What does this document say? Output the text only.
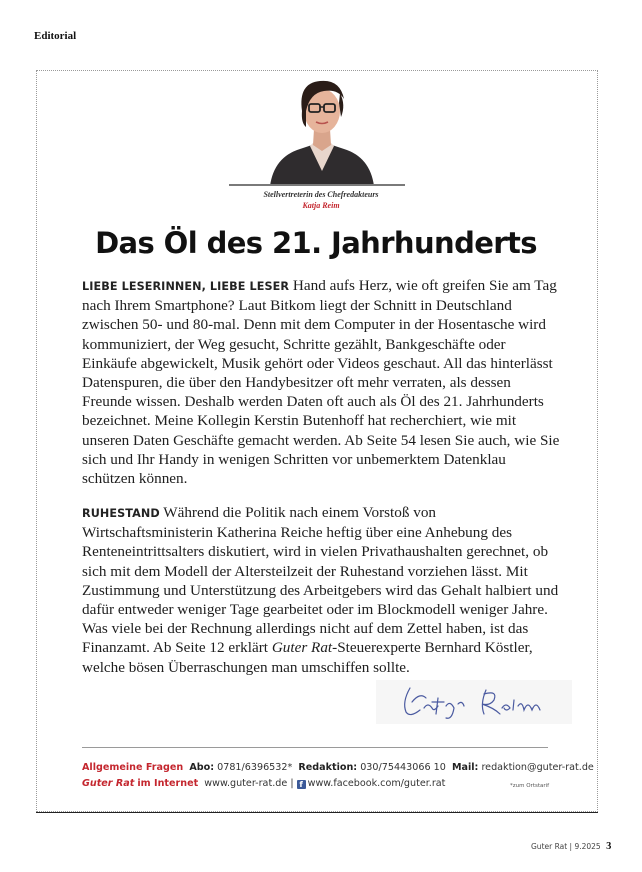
Editorial
Stellvertreterin des Chefredakteurs
Katja Reim
Das Öl des 21. Jahrhunderts

LIEBE LESERINNEN, LIEBE LESER Hand aufs Herz, wie oft greifen Sie am Tag nach Ihrem Smartphone? Laut Bitkom liegt der Schnitt in Deutschland zwischen 50- und 80-mal. Denn mit dem Computer in der Hosentasche wird kommuniziert, der Weg gesucht, Schritte gezählt, Bankgeschäfte oder Einkäufe abgewickelt, Musik gehört oder Videos geschaut. All das hinterlässt Datenspuren, die über den Handybesitzer oft mehr verraten, als dessen Freunde wissen. Deshalb werden Daten oft auch als Öl des 21. Jahrhunderts bezeichnet. Meine Kollegin Kerstin Butenhoff hat recherchiert, wie mit unseren Daten Geschäfte gemacht werden. Ab Seite 54 lesen Sie auch, wie Sie sich und Ihr Handy in wenigen Schritten vor unbemerktem Datenklau schützen können.

RUHESTAND Während die Politik nach einem Vorstoß von Wirtschaftsministerin Katherina Reiche heftig über eine Anhebung des Renteneintrittsalters diskutiert, wird in vielen Privathaushalten gerechnet, ob sich mit dem Modell der Altersteilzeit der Ruhestand vorziehen lässt. Mit Zustimmung und Unterstützung des Arbeitgebers wird das Gehalt halbiert und dafür entweder weniger Tage gearbeitet oder im Blockmodell weniger Jahre. Was viele bei der Rechnung allerdings nicht auf dem Zettel haben, ist das Finanzamt. Ab Seite 12 erklärt Guter Rat-Steuerexperte Bernhard Köstler, welche bösen Überraschungen man umschiffen sollte.

Allgemeine Fragen Abo: 0781/6396532* Redaktion: 030/75443066 10 Mail: redaktion@guter-rat.de
Guter Rat im Internet www.guter-rat.de | f www.facebook.com/guter.rat	*zum Ortstarif
Guter Rat | 9.2025 3
